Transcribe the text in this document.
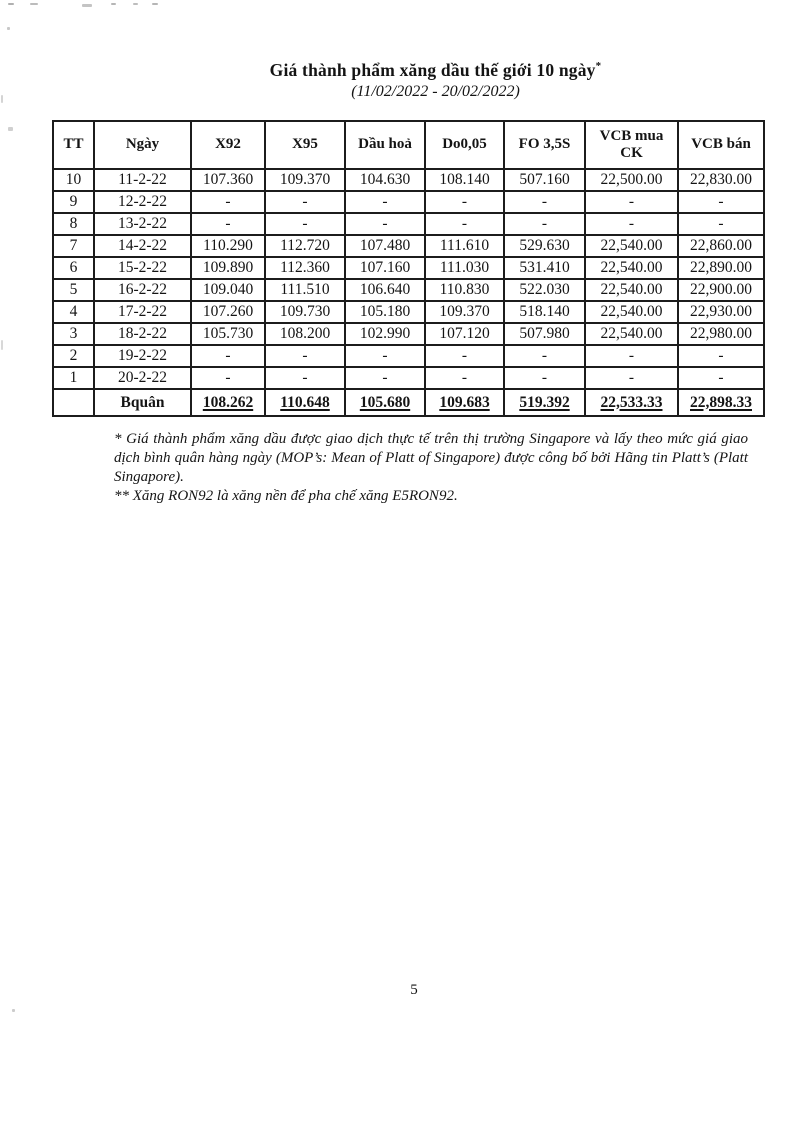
Giá thành phẩm xăng dầu thế giới 10 ngày*
(11/02/2022 - 20/02/2022)
TT	Ngày	X92	X95	Dầu hoả	Do0,05	FO 3,5S	VCB mua CK	VCB bán
10	11-2-22	107.360	109.370	104.630	108.140	507.160	22,500.00	22,830.00
9	12-2-22	-	-	-	-	-	-	-
8	13-2-22	-	-	-	-	-	-	-
7	14-2-22	110.290	112.720	107.480	111.610	529.630	22,540.00	22,860.00
6	15-2-22	109.890	112.360	107.160	111.030	531.410	22,540.00	22,890.00
5	16-2-22	109.040	111.510	106.640	110.830	522.030	22,540.00	22,900.00
4	17-2-22	107.260	109.730	105.180	109.370	518.140	22,540.00	22,930.00
3	18-2-22	105.730	108.200	102.990	107.120	507.980	22,540.00	22,980.00
2	19-2-22	-	-	-	-	-	-	-
1	20-2-22	-	-	-	-	-	-	-
	Bquân	108.262	110.648	105.680	109.683	519.392	22,533.33	22,898.33

* Giá thành phẩm xăng dầu được giao dịch thực tế trên thị trường Singapore và lấy theo mức giá giao dịch bình quân hàng ngày (MOP’s: Mean of Platt of Singapore) được công bố bởi Hãng tin Platt’s (Platt Singapore).

** Xăng RON92 là xăng nền để pha chế xăng E5RON92.

5
